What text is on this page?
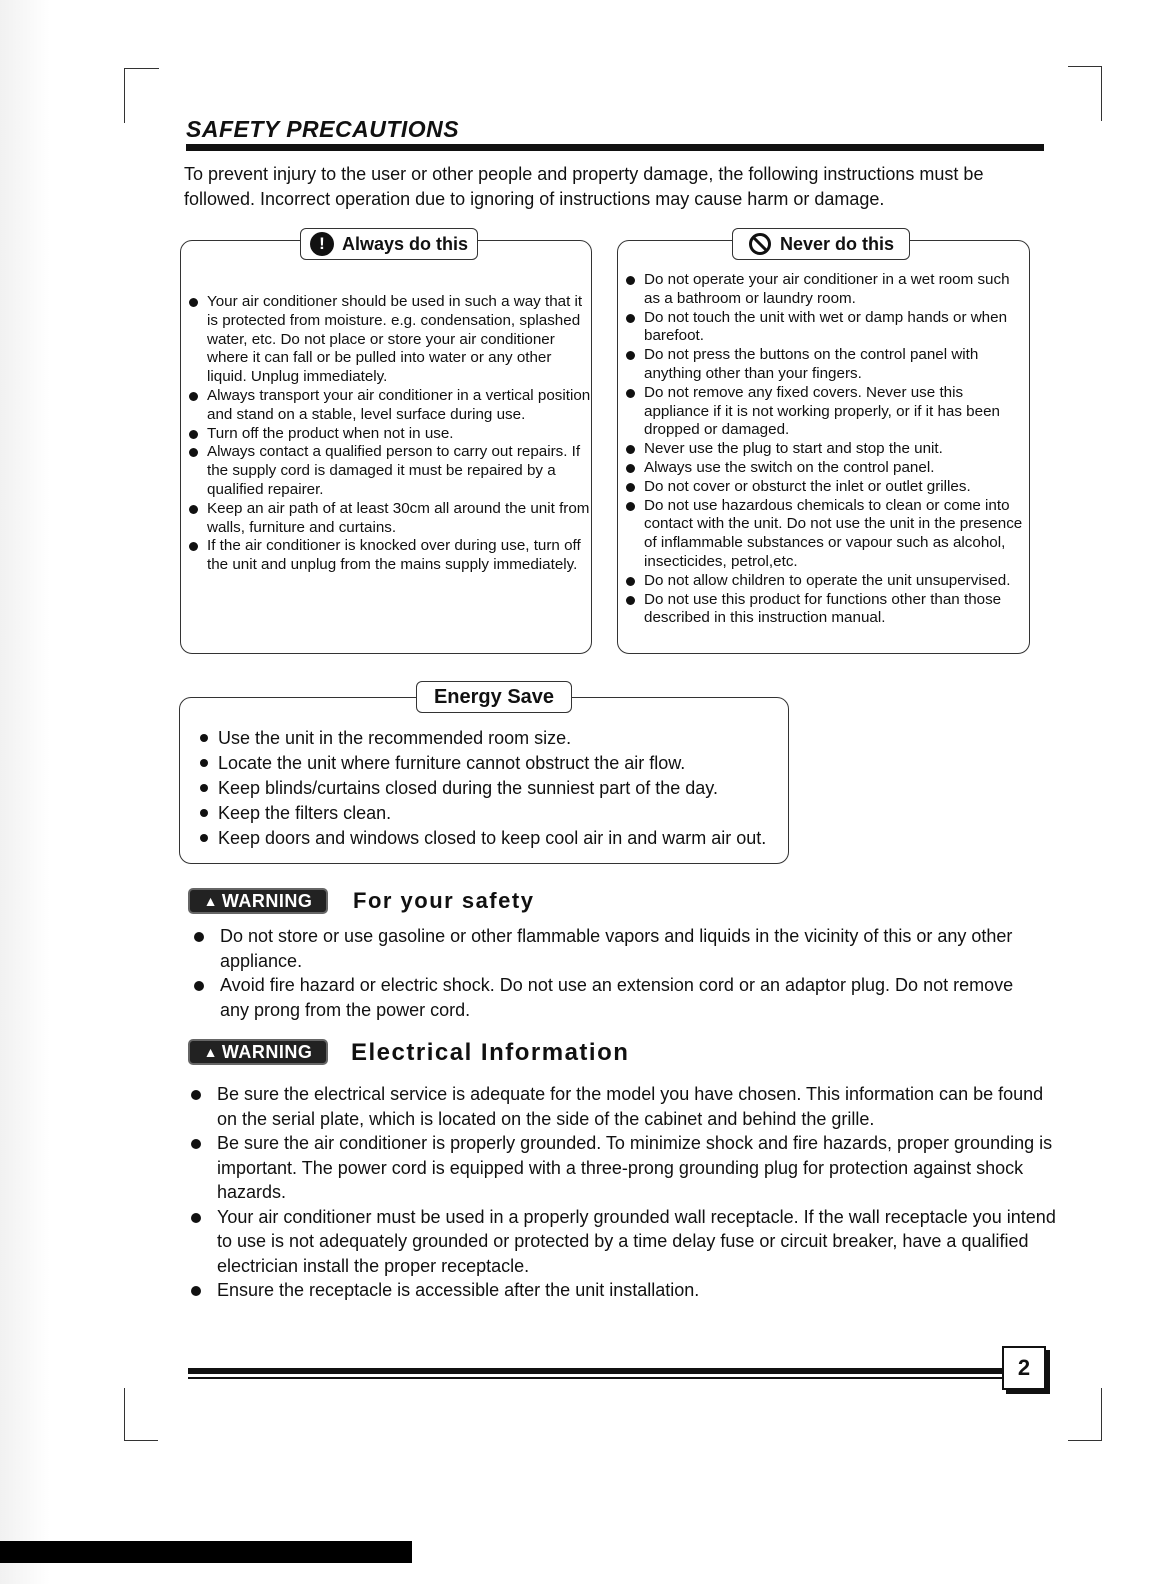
SAFETY PRECAUTIONS
To prevent injury to the user or other people and property damage, the following instructions must be followed. Incorrect operation due to ignoring of instructions may cause harm or damage.
Your air conditioner should be used in such a way that it is protected from moisture. e.g. condensation, splashed water, etc. Do not place or store your air conditioner where it can fall or be pulled into water or any other liquid. Unplug immediately.
Always transport your air conditioner in a vertical position and stand on a stable, level surface during use.
Turn off the product when not in use.
Always contact a qualified person to carry out repairs. If the supply cord is damaged it must be repaired by a qualified repairer.
Keep an air path of at least 30cm all around the unit from walls, furniture and curtains.
If the air conditioner is knocked over during use, turn off the unit and unplug from the mains supply immediately.
! Always do this
Do not operate your air conditioner in a wet room such as a bathroom or laundry room.
Do not touch the unit with wet or damp hands or when barefoot.
Do not press the buttons on the control panel with anything other than your fingers.
Do not remove any fixed covers. Never use this appliance if it is not working properly, or if it has been dropped or damaged.
Never use the plug to start and stop the unit.
Always use the switch on the control panel.
Do not cover or obsturct the inlet or outlet grilles.
Do not use hazardous chemicals to clean or come into contact with the unit. Do not use the unit in the presence of inflammable substances or vapour such as alcohol, insecticides, petrol,etc.
Do not allow children to operate the unit unsupervised.
Do not use this product for functions other than those described in this instruction manual.
Never do this
Use the unit in the recommended room size.
Locate the unit where furniture cannot obstruct the air flow.
Keep blinds/curtains closed during the sunniest part of the day.
Keep the filters clean.
Keep doors and windows closed to keep cool air in and warm air out.
Energy Save
▲ WARNING For your safety
Do not store or use gasoline or other flammable vapors and liquids in the vicinity of this or any other appliance.
Avoid fire hazard or electric shock. Do not use an extension cord or an adaptor plug. Do not remove any prong from the power cord.
▲ WARNING Electrical Information
Be sure the electrical service is adequate for the model you have chosen. This information can be found on the serial plate, which is located on the side of the cabinet and behind the grille.
Be sure the air conditioner is properly grounded. To minimize shock and fire hazards, proper grounding is important. The power cord is equipped with a three-prong grounding plug for protection against shock hazards.
Your air conditioner must be used in a properly grounded wall receptacle. If the wall receptacle you intend to use is not adequately grounded or protected by a time delay fuse or circuit breaker, have a qualified electrician install the proper receptacle.
Ensure the receptacle is accessible after the unit installation.
2
